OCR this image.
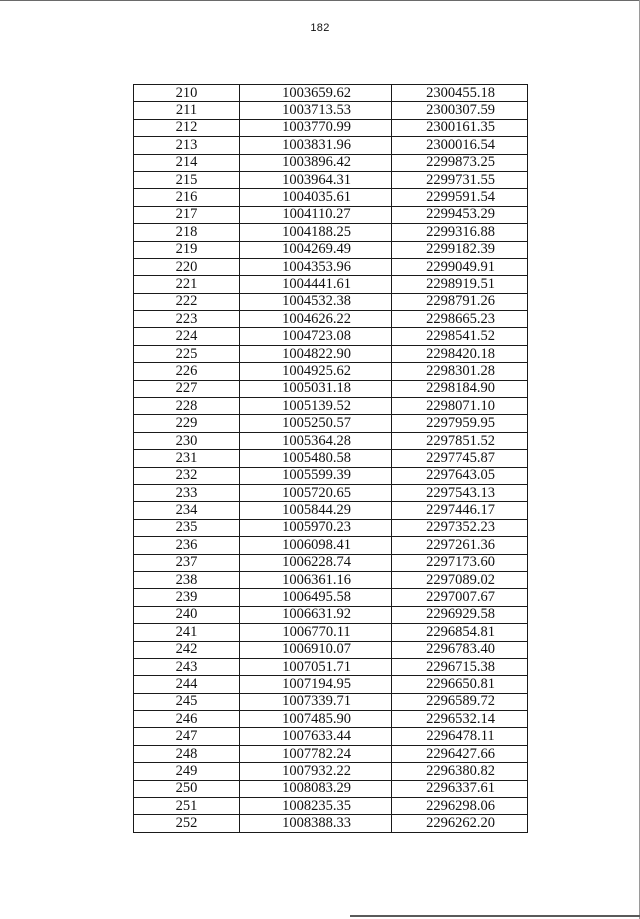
182
210	1003659.62	2300455.18
211	1003713.53	2300307.59
212	1003770.99	2300161.35
213	1003831.96	2300016.54
214	1003896.42	2299873.25
215	1003964.31	2299731.55
216	1004035.61	2299591.54
217	1004110.27	2299453.29
218	1004188.25	2299316.88
219	1004269.49	2299182.39
220	1004353.96	2299049.91
221	1004441.61	2298919.51
222	1004532.38	2298791.26
223	1004626.22	2298665.23
224	1004723.08	2298541.52
225	1004822.90	2298420.18
226	1004925.62	2298301.28
227	1005031.18	2298184.90
228	1005139.52	2298071.10
229	1005250.57	2297959.95
230	1005364.28	2297851.52
231	1005480.58	2297745.87
232	1005599.39	2297643.05
233	1005720.65	2297543.13
234	1005844.29	2297446.17
235	1005970.23	2297352.23
236	1006098.41	2297261.36
237	1006228.74	2297173.60
238	1006361.16	2297089.02
239	1006495.58	2297007.67
240	1006631.92	2296929.58
241	1006770.11	2296854.81
242	1006910.07	2296783.40
243	1007051.71	2296715.38
244	1007194.95	2296650.81
245	1007339.71	2296589.72
246	1007485.90	2296532.14
247	1007633.44	2296478.11
248	1007782.24	2296427.66
249	1007932.22	2296380.82
250	1008083.29	2296337.61
251	1008235.35	2296298.06
252	1008388.33	2296262.20
